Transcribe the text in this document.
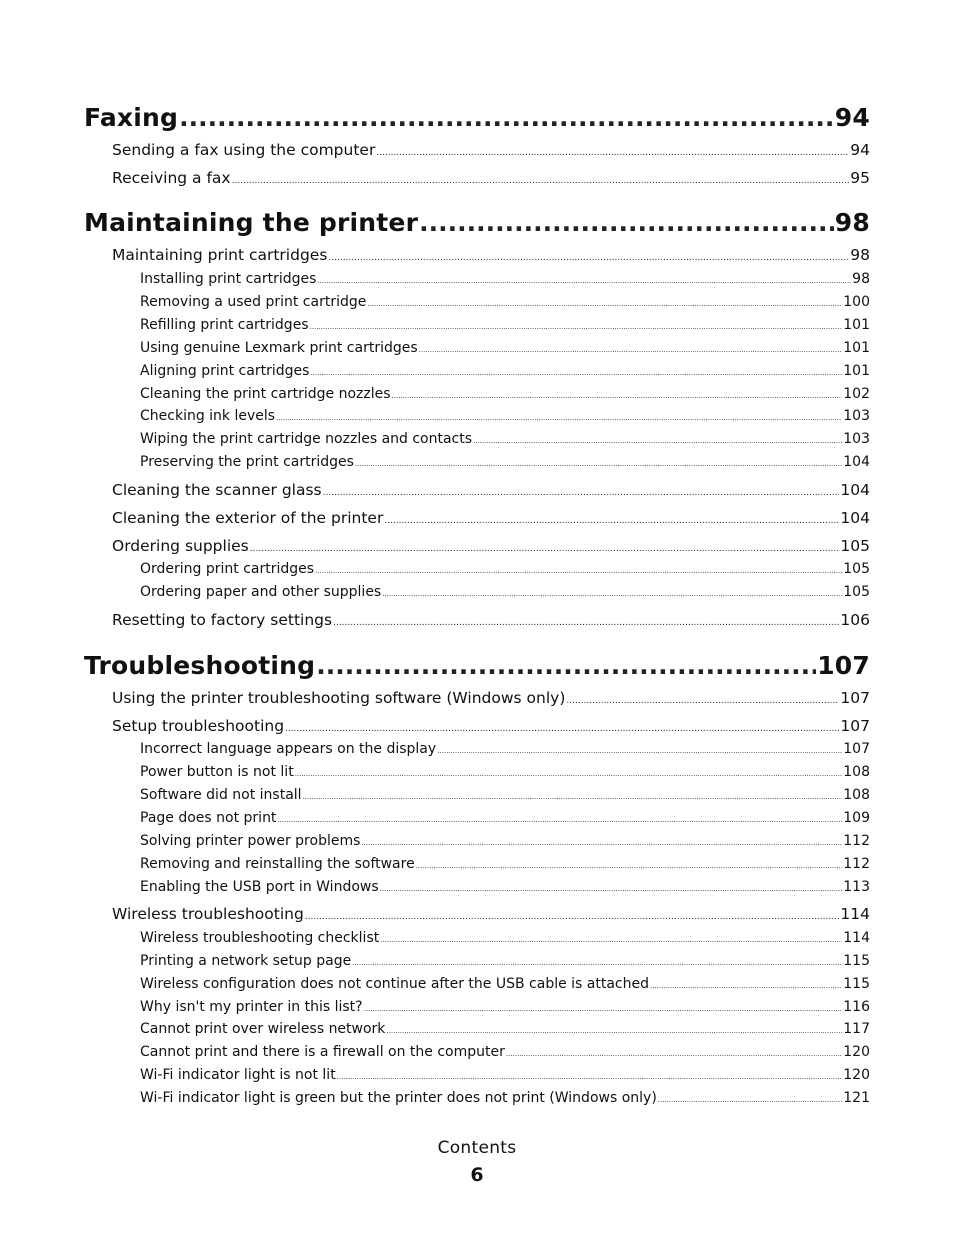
Faxing .....	94
Sending a fax using the computer .....	94
Receiving a fax .....	95
Maintaining the printer .....	98
Maintaining print cartridges .....	98
Installing print cartridges .....	98
Removing a used print cartridge .....	100
Refilling print cartridges .....	101
Using genuine Lexmark print cartridges .....	101
Aligning print cartridges .....	101
Cleaning the print cartridge nozzles .....	102
Checking ink levels .....	103
Wiping the print cartridge nozzles and contacts .....	103
Preserving the print cartridges .....	104
Cleaning the scanner glass .....	104
Cleaning the exterior of the printer .....	104
Ordering supplies .....	105
Ordering print cartridges .....	105
Ordering paper and other supplies .....	105
Resetting to factory settings .....	106
Troubleshooting .....	107
Using the printer troubleshooting software (Windows only) .....	107
Setup troubleshooting .....	107
Incorrect language appears on the display .....	107
Power button is not lit .....	108
Software did not install .....	108
Page does not print .....	109
Solving printer power problems .....	112
Removing and reinstalling the software .....	112
Enabling the USB port in Windows .....	113
Wireless troubleshooting .....	114
Wireless troubleshooting checklist .....	114
Printing a network setup page .....	115
Wireless configuration does not continue after the USB cable is attached .....	115
Why isn't my printer in this list? .....	116
Cannot print over wireless network .....	117
Cannot print and there is a firewall on the computer .....	120
Wi-Fi indicator light is not lit .....	120
Wi-Fi indicator light is green but the printer does not print (Windows only) .....	121
Contents
6
